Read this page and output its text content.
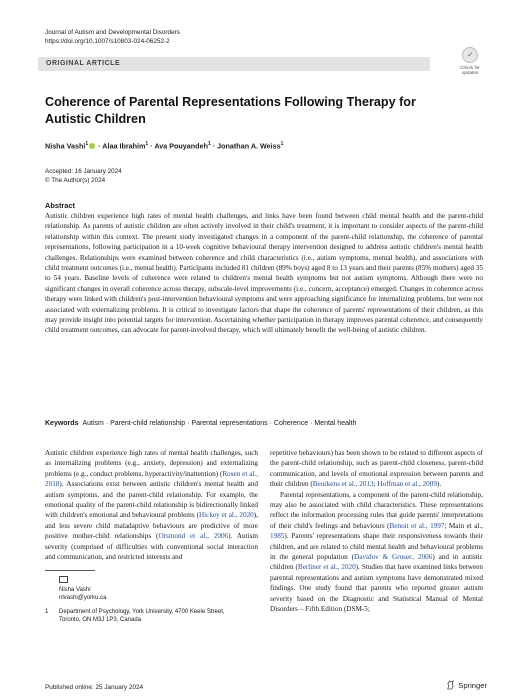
Journal of Autism and Developmental Disorders
https://doi.org/10.1007/s10803-024-06252-2
ORIGINAL ARTICLE
✓
Check for updates
Coherence of Parental Representations Following Therapy for Autistic Children
Nisha Vashi$^1$ · Alaa Ibrahim$^1$ · Ava Pouyandeh$^1$ · Jonathan A. Weiss$^1$
Accepted: 16 January 2024
© The Author(s) 2024
Abstract
Autistic children experience high rates of mental health challenges, and links have been found between child mental health and the parent-child relationship. As parents of autistic children are often actively involved in their child's treatment, it is important to consider aspects of the parent-child relationship within this context. The present study investigated changes in a component of the parent-child relationship, the coherence of parental representations, following participation in a 10-week cognitive behavioural therapy intervention designed to address autistic children's mental health challenges. Relationships were examined between coherence and child characteristics (i.e., autism symptoms, mental health), and associations with child treatment outcomes (i.e., mental health). Participants included 81 children (89% boys) aged 8 to 13 years and their parents (85% mothers) aged 35 to 54 years. Baseline levels of coherence were related to children's mental health symptoms but not autism symptoms. Although there were no significant changes in overall coherence across therapy, subscale-level improvements (i.e., concern, acceptance) emerged. Changes in coherence across therapy were linked with children's post-intervention behavioural symptoms and were approaching significance for internalizing problems, but were not associated with externalizing problems. It is critical to investigate factors that shape the coherence of parents' representations of their children, as this may provide insight into potential targets for intervention. Ascertaining whether participation in therapy improves parental coherence, and consequently child treatment outcomes, can advocate for parent-involved therapy, which will ultimately benefit the well-being of autistic children.
Keywords Autism · Parent-child relationship · Parental representations · Coherence · Mental health

Autistic children experience high rates of mental health challenges, such as internalizing problems (e.g., anxiety, depression) and externalizing problems (e.g., conduct problems, hyperactivity/inattention) (Rosen et al., 2018). Associations exist between autistic children's mental health and autism symptoms, and the parent-child relationship. For example, the emotional quality of the parent-child relationship is bidirectionally linked with children's emotional and behavioural problems (Hickey et al., 2020), and less severe child maladaptive behaviours are predictive of more positive mother-child relationships (Orsmond et al., 2006). Autism severity (comprised of difficulties with conventional social interaction and communication, and restricted interests and

repetitive behaviours) has been shown to be related to different aspects of the parent-child relationship, such as parent-child closeness, parent-child communication, and levels of emotional expression between parents and their children (Beurkens et al., 2013; Hoffman et al., 2009).

Parental representations, a component of the parent-child relationship, may also be associated with child characteristics. These representations reflect the information processing rules that guide parents' interpretations of their child's feelings and behaviours (Benoit et al., 1997; Main et al., 1985). Parents' representations shape their responsiveness towards their children, and are related to child mental health and behavioural problems in the general population (Davidov & Grusec, 2006) and in autistic children (Berliner et al., 2020). Studies that have examined links between parental representations and autism symptoms have demonstrated mixed findings. One study found that parents who reported greater autism severity based on the Diagnostic and Statistical Manual of Mental Disorders – Fifth Edition (DSM-5;

Nisha Vashi
nlvashi@yorku.ca
1 Department of Psychology, York University, 4700 Keele Street, Toronto, ON M3J 1P3, Canada
Published online: 25 January 2024	Springer
